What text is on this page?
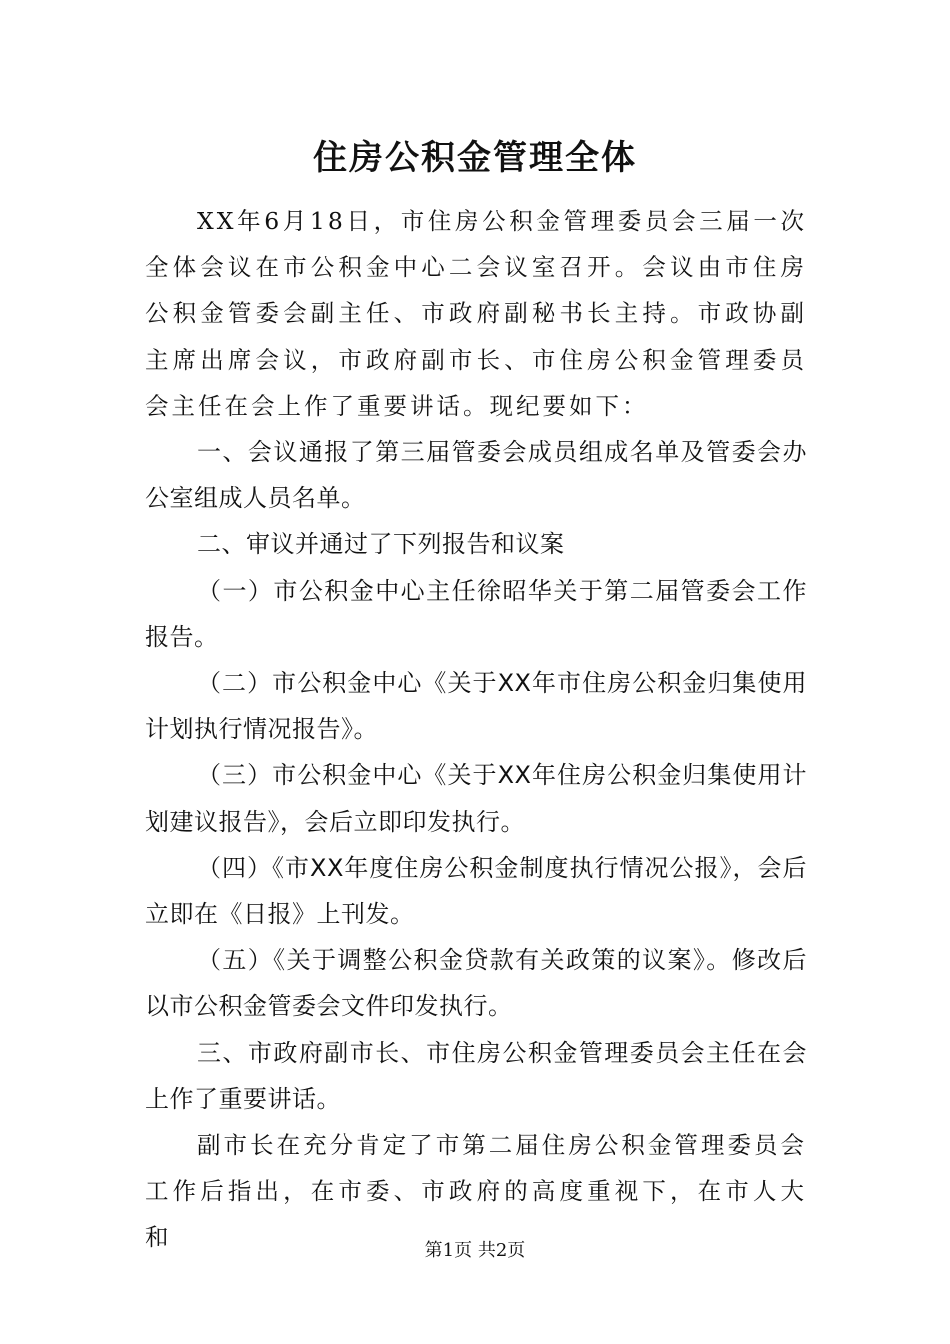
住房公积金管理全体

XX年6月18日，市住房公积金管理委员会三届一次全体会议在市公积金中心二会议室召开。会议由市住房公积金管委会副主任、市政府副秘书长主持。市政协副主席出席会议，市政府副市长、市住房公积金管理委员会主任在会上作了重要讲话。现纪要如下：

一、会议通报了第三届管委会成员组成名单及管委会办公室组成人员名单。

二、审议并通过了下列报告和议案

（一）市公积金中心主任徐昭华关于第二届管委会工作报告。

（二）市公积金中心《关于XX年市住房公积金归集使用计划执行情况报告》。

（三）市公积金中心《关于XX年住房公积金归集使用计划建议报告》，会后立即印发执行。

（四）《市XX年度住房公积金制度执行情况公报》，会后立即在《日报》上刊发。

（五）《关于调整公积金贷款有关政策的议案》。修改后以市公积金管委会文件印发执行。

三、市政府副市长、市住房公积金管理委员会主任在会上作了重要讲话。

副市长在充分肯定了市第二届住房公积金管理委员会工作后指出，在市委、市政府的高度重视下，在市人大和	第1页 共2页
